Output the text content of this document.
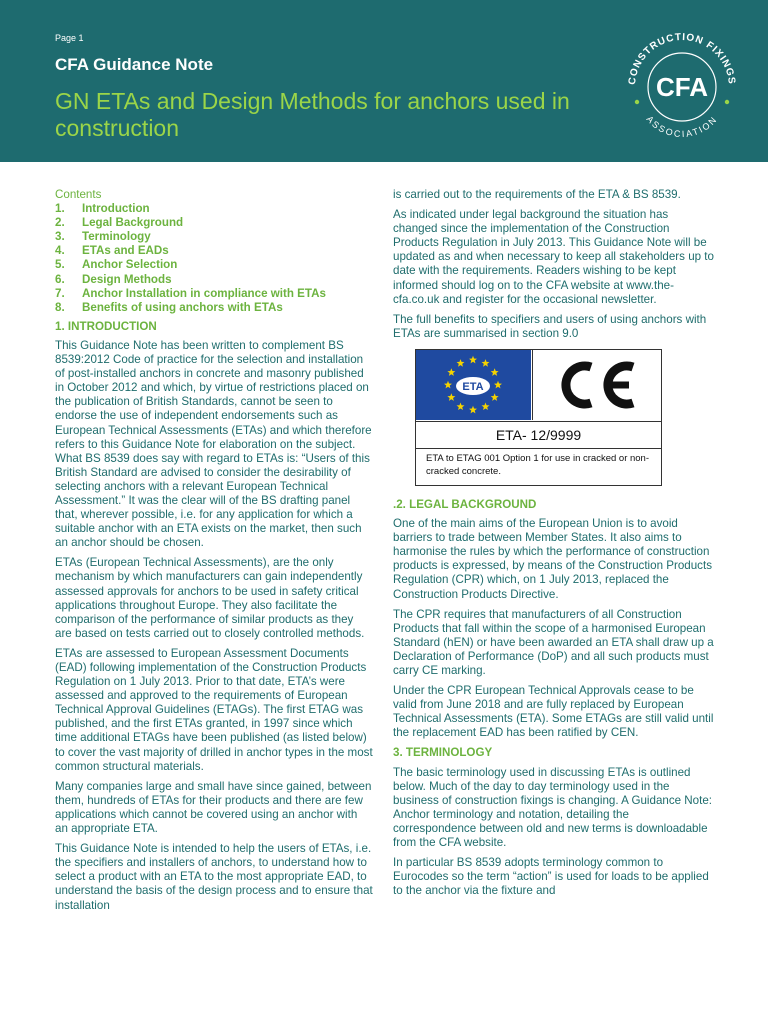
Page 1
CFA Guidance Note
GN ETAs and Design Methods for anchors used in construction
CONSTRUCTION FIXINGS
ASSOCIATION
CFA
Contents
1.	Introduction
2.	Legal Background
3.	Terminology
4.	ETAs and EADs
5.	Anchor Selection
6.	Design Methods
7.	Anchor Installation in compliance with ETAs
8.	Benefits of using anchors with ETAs
1. INTRODUCTION

This Guidance Note has been written to complement BS 8539:2012 Code of practice for the selection and installation of post-installed anchors in concrete and masonry published in October 2012 and which, by virtue of restrictions placed on the publication of British Standards, cannot be seen to endorse the use of independent endorsements such as European Technical Assessments (ETAs) and which therefore refers to this Guidance Note for elaboration on the subject. What BS 8539 does say with regard to ETAs is: “Users of this British Standard are advised to consider the desirability of selecting anchors with a relevant European Technical Assessment.” It was the clear will of the BS drafting panel that, wherever possible, i.e. for any application for which a suitable anchor with an ETA exists on the market, then such an anchor should be chosen.

ETAs (European Technical Assessments), are the only mechanism by which manufacturers can gain independently assessed approvals for anchors to be used in safety critical applications throughout Europe. They also facilitate the comparison of the performance of similar products as they are based on tests carried out to closely controlled methods.

ETAs are assessed to European Assessment Documents (EAD) following implementation of the Construction Products Regulation on 1 July 2013. Prior to that date, ETA’s were assessed and approved to the requirements of European Technical Approval Guidelines (ETAGs). The first ETAG was published, and the first ETAs granted, in 1997 since which time additional ETAGs have been published (as listed below) to cover the vast majority of drilled in anchor types in the most common structural materials.

Many companies large and small have since gained, between them, hundreds of ETAs for their products and there are few applications which cannot be covered using an anchor with an appropriate ETA.

This Guidance Note is intended to help the users of ETAs, i.e. the specifiers and installers of anchors, to understand how to select a product with an ETA to the most appropriate EAD, to understand the basis of the design process and to ensure that installation

is carried out to the requirements of the ETA & BS 8539.

As indicated under legal background the situation has changed since the implementation of the Construction Products Regulation in July 2013. This Guidance Note will be updated as and when necessary to keep all stakeholders up to date with the requirements. Readers wishing to be kept informed should log on to the CFA website at www.the-cfa.co.uk and register for the occasional newsletter.

The full benefits to specifiers and users of using anchors with ETAs are summarised in section 9.0

ETA
ETA- 12/9999
ETA to ETAG 001 Option 1 for use in cracked or non-cracked concrete.
.2. LEGAL BACKGROUND

One of the main aims of the European Union is to avoid barriers to trade between Member States. It also aims to harmonise the rules by which the performance of construction products is expressed, by means of the Construction Products Regulation (CPR) which, on 1 July 2013, replaced the Construction Products Directive.

The CPR requires that manufacturers of all Construction Products that fall within the scope of a harmonised European Standard (hEN) or have been awarded an ETA shall draw up a Declaration of Performance (DoP) and all such products must carry CE marking.

Under the CPR European Technical Approvals cease to be valid from June 2018 and are fully replaced by European Technical Assessments (ETA). Some ETAGs are still valid until the replacement EAD has been ratified by CEN.

3. TERMINOLOGY

The basic terminology used in discussing ETAs is outlined below. Much of the day to day terminology used in the business of construction fixings is changing. A Guidance Note: Anchor terminology and notation, detailing the correspondence between old and new terms is downloadable from the CFA website.

In particular BS 8539 adopts terminology common to Eurocodes so the term “action” is used for loads to be applied to the anchor via the fixture and
